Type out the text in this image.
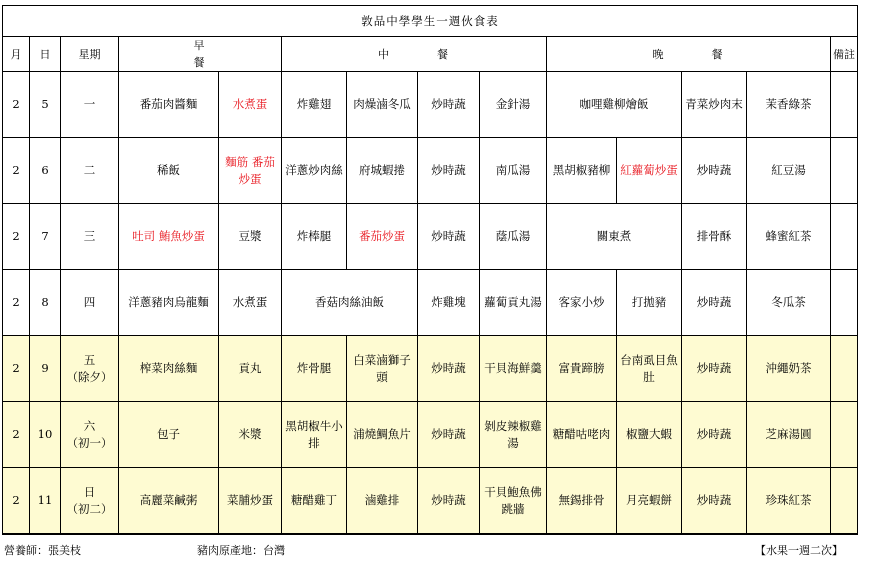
敦品中學學生一週伙食表													
月	日	星期	早餐		中餐				晚餐				備註
2	5	一	番茄肉醬麵	水煮蛋	炸雞翅	肉燥滷冬瓜	炒時蔬	金針湯	咖哩雞柳燴飯		青菜炒肉末	茉香綠茶	
2	6	二	稀飯	麵筋 番茄炒蛋	洋蔥炒肉絲	府城蝦捲	炒時蔬	南瓜湯	黑胡椒豬柳	紅蘿蔔炒蛋	炒時蔬	紅豆湯	
2	7	三	吐司 鮪魚炒蛋	豆漿	炸棒腿	番茄炒蛋	炒時蔬	蔭瓜湯	關東煮		排骨酥	蜂蜜紅茶	
2	8	四	洋蔥豬肉烏龍麵	水煮蛋	香菇肉絲油飯		炸雞塊	蘿蔔貢丸湯	客家小炒	打拋豬	炒時蔬	冬瓜茶	
2	9	五
（除夕）	榨菜肉絲麵	貢丸	炸骨腿	白菜滷獅子頭	炒時蔬	干貝海鮮羹	富貴蹄膀	台南虱目魚肚	炒時蔬	沖繩奶茶	
2	10	六
（初一）	包子	米漿	黑胡椒牛小排	浦燒鯛魚片	炒時蔬	剝皮辣椒雞湯	糖醋咕咾肉	椒鹽大蝦	炒時蔬	芝麻湯圓	
2	11	日
（初二）	高麗菜鹹粥	菜脯炒蛋	糖醋雞丁	滷雞排	炒時蔬	干貝鮑魚佛跳牆	無錫排骨	月亮蝦餅	炒時蔬	珍珠紅茶	
營養師：張美枝	豬肉原產地：台灣	【水果一週二次】
